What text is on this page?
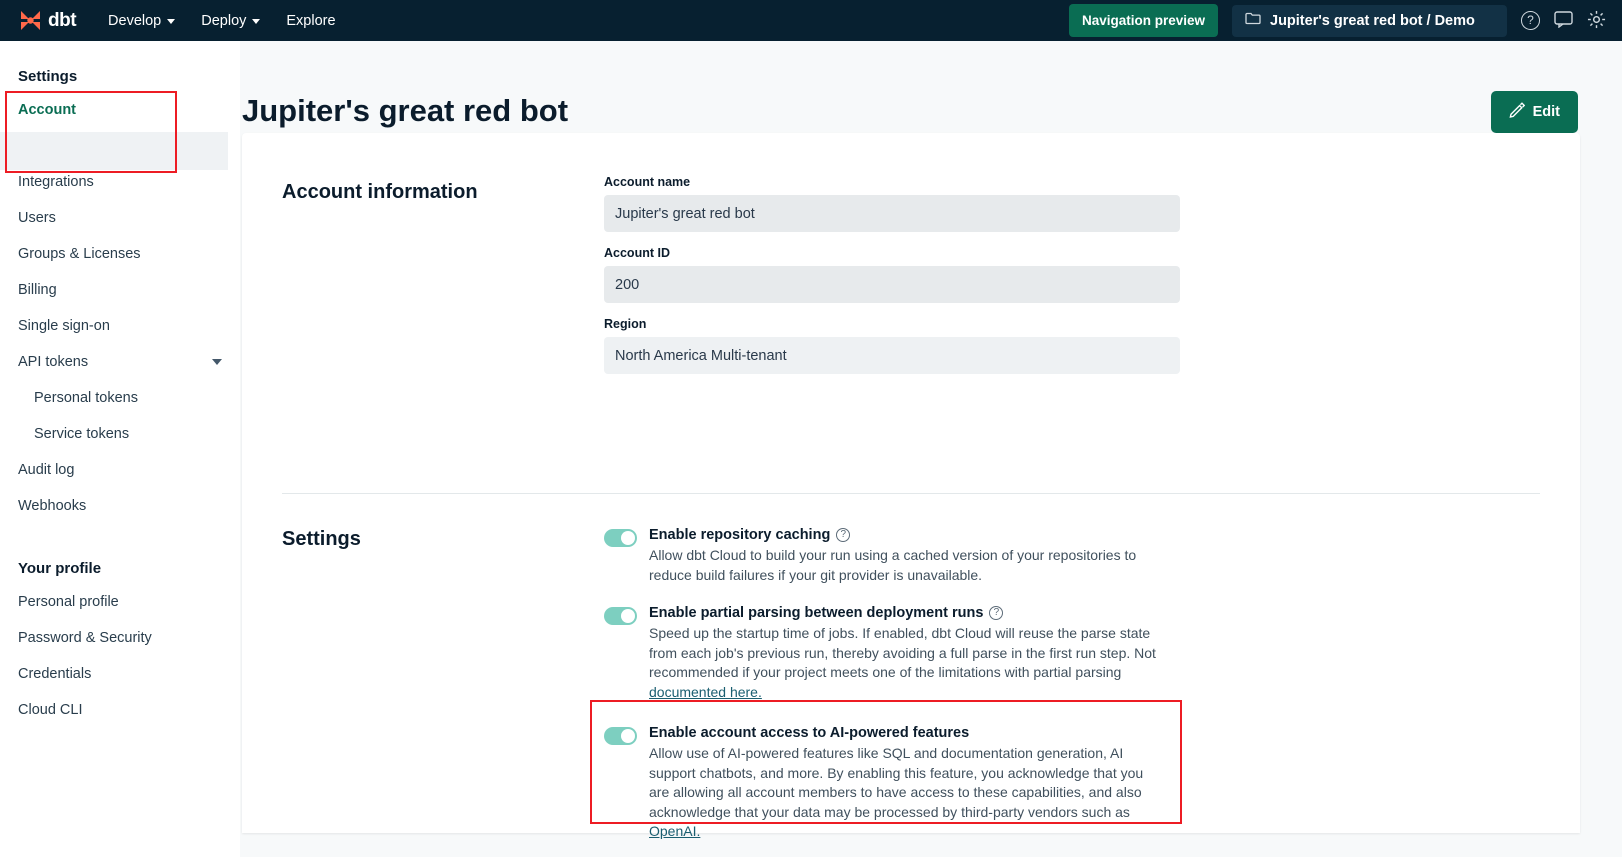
dbt Develop	Deploy	Explore	Navigation preview	Jupiter's great red bot / Demo	?
Settings
Account
Integrations
Users
Groups & Licenses
Billing
Single sign-on
API tokens
Personal tokens
Service tokens
Audit log
Webhooks
Your profile
Personal profile
Password & Security
Credentials
Cloud CLI
Jupiter's great red bot	Edit
Account information	Account name
Jupiter's great red bot
Account ID
200
Region
North America Multi-tenant
Settings	Enable repository caching	?
Allow dbt Cloud to build your run using a cached version of your repositories to reduce build failures if your git provider is unavailable.
Enable partial parsing between deployment runs	?
Speed up the startup time of jobs. If enabled, dbt Cloud will reuse the parse state from each job's previous run, thereby avoiding a full parse in the first run step. Not recommended if your project meets one of the limitations with partial parsing documented here.
Enable account access to AI-powered features
Allow use of AI-powered features like SQL and documentation generation, AI support chatbots, and more. By enabling this feature, you acknowledge that you are allowing all account members to have access to these capabilities, and also acknowledge that your data may be processed by third-party vendors such as OpenAI.
